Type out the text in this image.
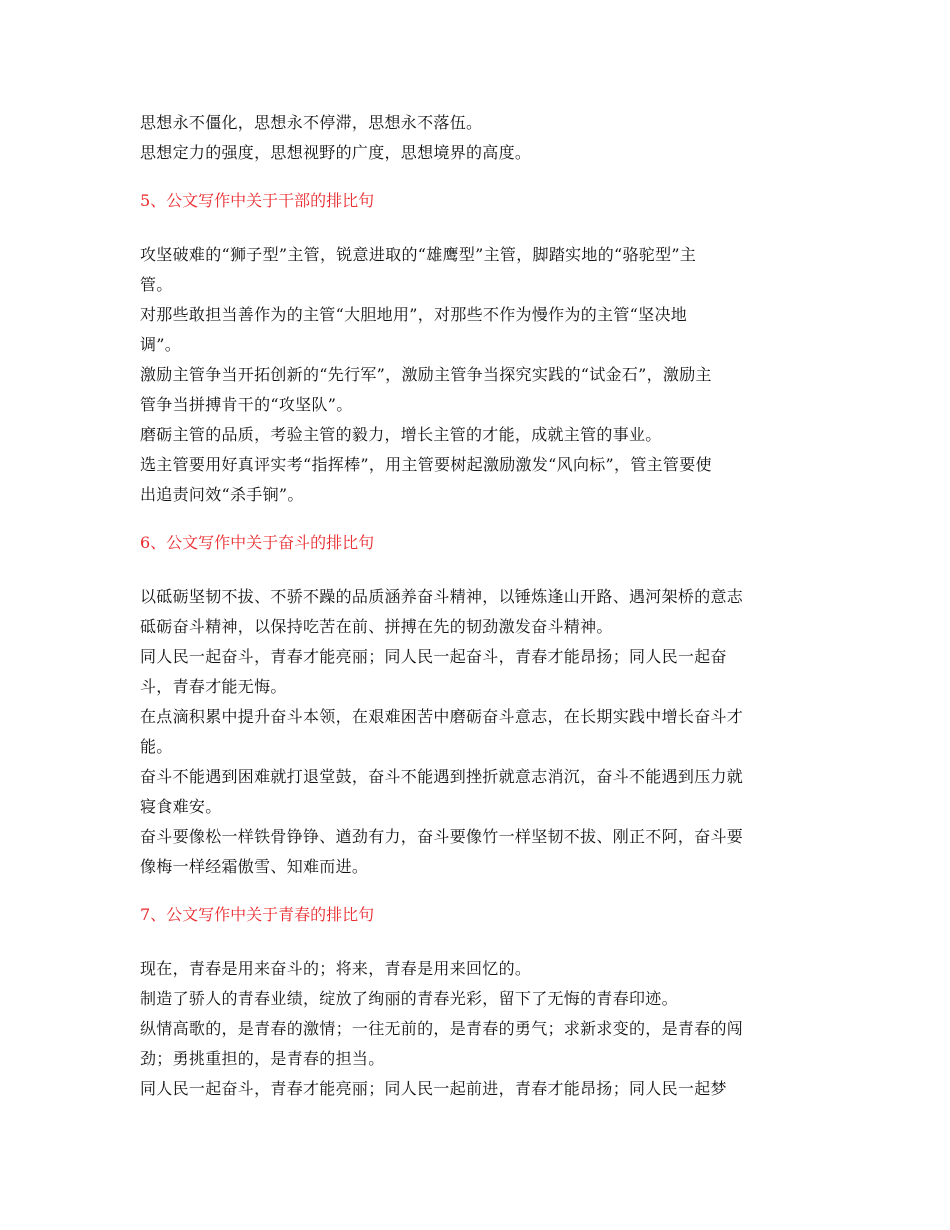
思想永不僵化，思想永不停滞，思想永不落伍。
思想定力的强度，思想视野的广度，思想境界的高度。
5、公文写作中关于干部的排比句
攻坚破难的“狮子型”主管，锐意进取的“雄鹰型”主管，脚踏实地的“骆驼型”主
管。
对那些敢担当善作为的主管“大胆地用”，对那些不作为慢作为的主管“坚决地
调”。
激励主管争当开拓创新的“先行军”，激励主管争当探究实践的“试金石”，激励主
管争当拼搏肯干的“攻坚队”。
磨砺主管的品质，考验主管的毅力，增长主管的才能，成就主管的事业。
选主管要用好真评实考“指挥棒”，用主管要树起激励激发“风向标”，管主管要使
出追责问效“杀手锏”。
6、公文写作中关于奋斗的排比句
以砥砺坚韧不拔、不骄不躁的品质涵养奋斗精神，以锤炼逢山开路、遇河架桥的意志
砥砺奋斗精神，以保持吃苦在前、拼搏在先的韧劲激发奋斗精神。
同人民一起奋斗，青春才能亮丽；同人民一起奋斗，青春才能昂扬；同人民一起奋
斗，青春才能无悔。
在点滴积累中提升奋斗本领，在艰难困苦中磨砺奋斗意志，在长期实践中增长奋斗才
能。
奋斗不能遇到困难就打退堂鼓，奋斗不能遇到挫折就意志消沉，奋斗不能遇到压力就
寝食难安。
奋斗要像松一样铁骨铮铮、遒劲有力，奋斗要像竹一样坚韧不拔、刚正不阿，奋斗要
像梅一样经霜傲雪、知难而进。
7、公文写作中关于青春的排比句
现在，青春是用来奋斗的；将来，青春是用来回忆的。
制造了骄人的青春业绩，绽放了绚丽的青春光彩，留下了无悔的青春印迹。
纵情高歌的，是青春的激情；一往无前的，是青春的勇气；求新求变的，是青春的闯
劲；勇挑重担的，是青春的担当。
同人民一起奋斗，青春才能亮丽；同人民一起前进，青春才能昂扬；同人民一起梦
